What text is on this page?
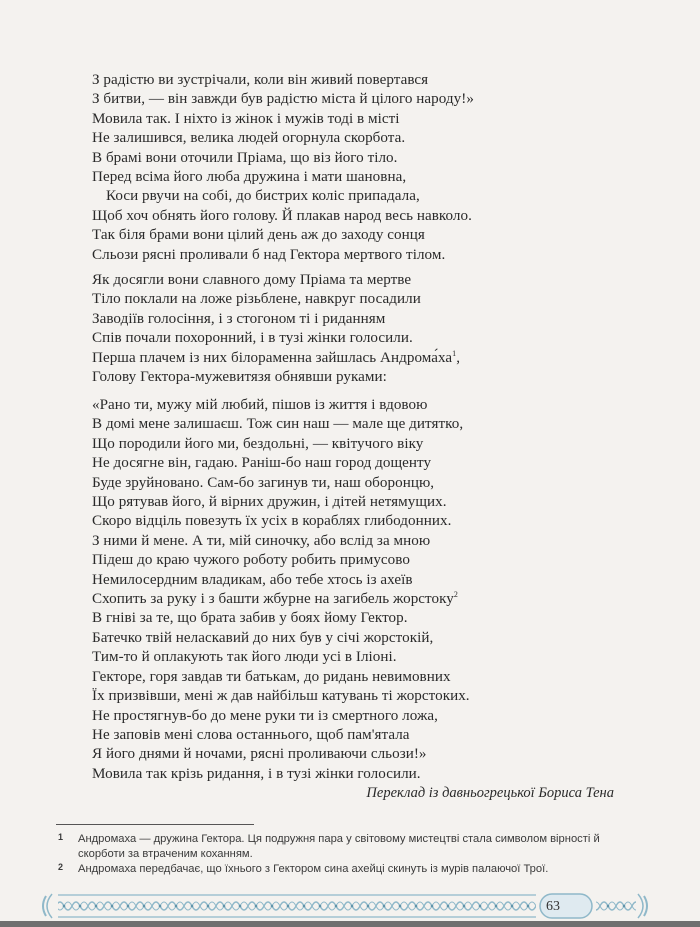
З радістю ви зустрічали, коли він живий повертався
З битви, — він завжди був радістю міста й цілого народу!»
Мовила так. І ніхто із жінок і мужів тоді в місті
Не залишився, велика людей огорнула скорбота.
В брамі вони оточили Пріама, що віз його тіло.
Перед всіма його люба дружина і мати шановна,
Коси рвучи на собі, до бистрих коліс припадала,
Щоб хоч обнять його голову. Й плакав народ весь навколо.
Так біля брами вони цілий день аж до заходу сонця
Сльози рясні проливали б над Гектора мертвого тілом.
Як досягли вони славного дому Пріама та мертве
Тіло поклали на ложе різьблене, навкруг посадили
Заводіїв голосіння, і з стогоном ті і риданням
Спів почали похоронний, і в тузі жінки голосили.
Перша плачем із них білораменна зайшлась $Андрома́ха^1$,
Голову Гектора-мужевитязя обнявши руками:
«Рано ти, мужу мій любий, пішов із життя і вдовою
В домі мене залишаєш. Тож син наш — мале ще дитятко,
Що породили його ми, бездольні, — квітучого віку
Не досягне він, гадаю. Раніш-бо наш город дощенту
Буде зруйновано. Сам-бо загинув ти, наш оборонцю,
Що рятував його, й вірних дружин, і дітей нетямущих.
Скоро відціль повезуть їх усіх в кораблях глибодонних.
З ними й мене. А ти, мій синочку, або вслід за мною
Підеш до краю чужого роботу робить примусово
Немилосердним владикам, або тебе хтось із ахеїв
Схопить за руку і з башти жбурне на загибель жорстоку$^2$
В гніві за те, що брата забив у боях йому Гектор.
Батечко твій неласкавий до них був у січі жорстокій,
Тим-то й оплакують так його люди усі в Іліоні.
Гекторе, горя завдав ти батькам, до ридань невимовних
Їх призвівши, мені ж дав найбільш катувань ті жорстоких.
Не простягнув-бо до мене руки ти із смертного ложа,
Не заповів мені слова останнього, щоб пам'ятала
Я його днями й ночами, рясні проливаючи сльози!»
Мовила так крізь ридання, і в тузі жінки голосили.
Переклад із давньогрецької Бориса Тена
1 Андромаха — дружина Гектора. Ця подружня пара у світовому мистецтві стала символом вірності й скорботи за втраченим коханням.
2 Андромаха передбачає, що їхнього з Гектором сина ахейці скинуть із мурів палаючої Трої.
63
